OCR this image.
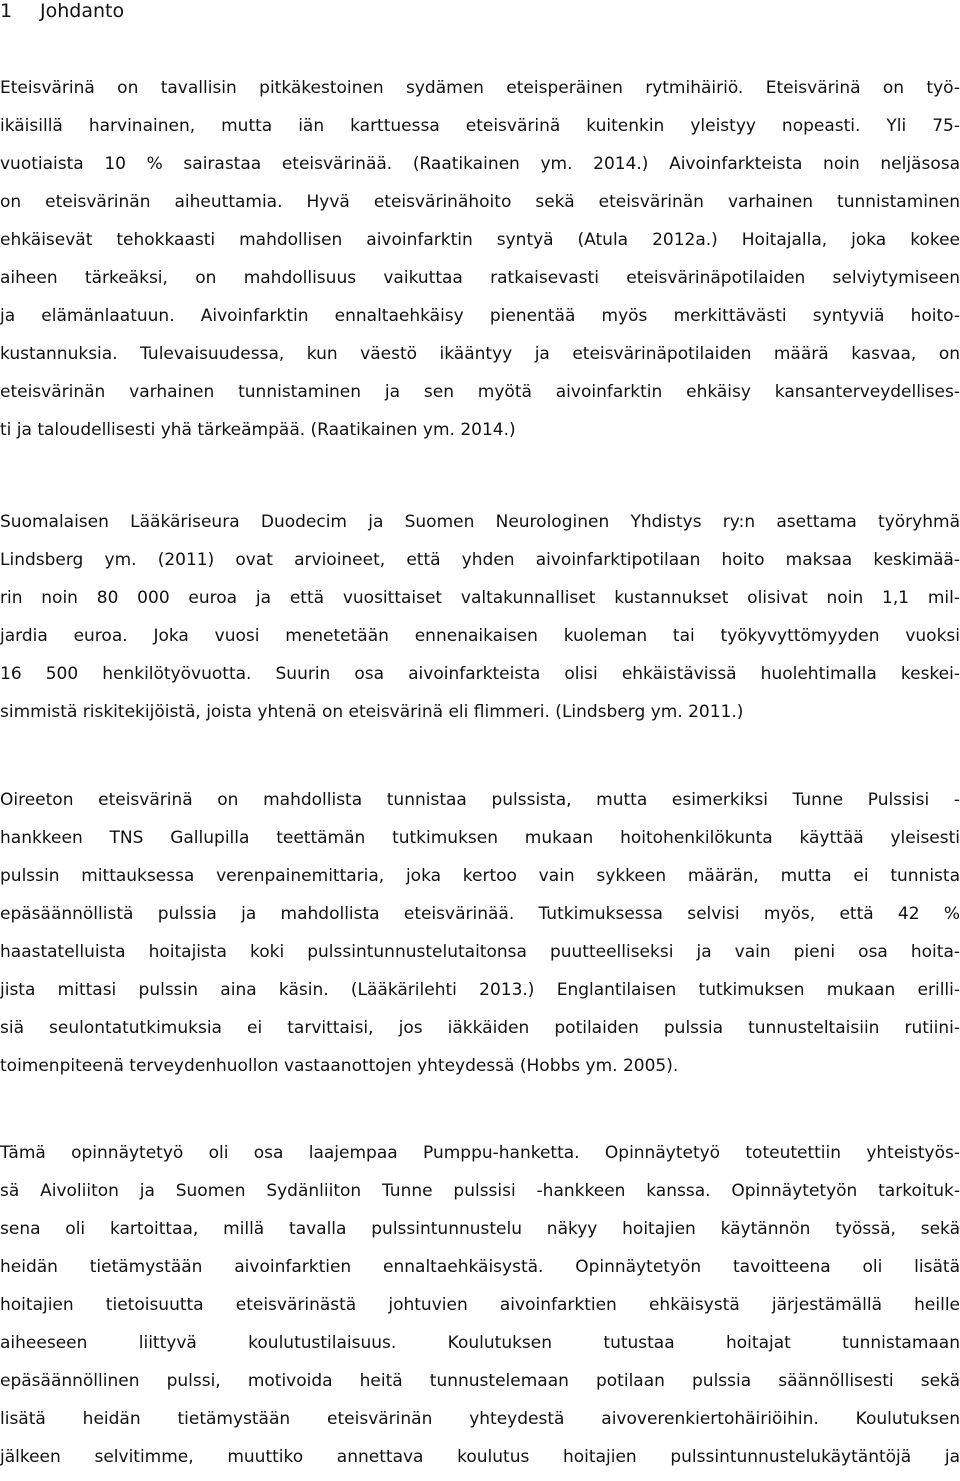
1 Johdanto
Eteisvärinä on tavallisin pitkäkestoinen sydämen eteisperäinen rytmihäiriö. Eteisvärinä on työ-
ikäisillä harvinainen, mutta iän karttuessa eteisvärinä kuitenkin yleistyy nopeasti. Yli 75-
vuotiaista 10 % sairastaa eteisvärinää. (Raatikainen ym. 2014.) Aivoinfarkteista noin neljäsosa
on eteisvärinän aiheuttamia. Hyvä eteisvärinähoito sekä eteisvärinän varhainen tunnistaminen
ehkäisevät tehokkaasti mahdollisen aivoinfarktin syntyä (Atula 2012a.) Hoitajalla, joka kokee
aiheen tärkeäksi, on mahdollisuus vaikuttaa ratkaisevasti eteisvärinäpotilaiden selviytymiseen
ja elämänlaatuun. Aivoinfarktin ennaltaehkäisy pienentää myös merkittävästi syntyviä hoito-
kustannuksia. Tulevaisuudessa, kun väestö ikääntyy ja eteisvärinäpotilaiden määrä kasvaa, on
eteisvärinän varhainen tunnistaminen ja sen myötä aivoinfarktin ehkäisy kansanterveydellises-
ti ja taloudellisesti yhä tärkeämpää. (Raatikainen ym. 2014.)
Suomalaisen Lääkäriseura Duodecim ja Suomen Neurologinen Yhdistys ry:n asettama työryhmä
Lindsberg ym. (2011) ovat arvioineet, että yhden aivoinfarktipotilaan hoito maksaa keskimää-
rin noin 80 000 euroa ja että vuosittaiset valtakunnalliset kustannukset olisivat noin 1,1 mil-
jardia euroa. Joka vuosi menetetään ennenaikaisen kuoleman tai työkyvyttömyyden vuoksi
16 500 henkilötyövuotta. Suurin osa aivoinfarkteista olisi ehkäistävissä huolehtimalla keskei-
simmistä riskitekijöistä, joista yhtenä on eteisvärinä eli flimmeri. (Lindsberg ym. 2011.)
Oireeton eteisvärinä on mahdollista tunnistaa pulssista, mutta esimerkiksi Tunne Pulssisi -
hankkeen TNS Gallupilla teettämän tutkimuksen mukaan hoitohenkilökunta käyttää yleisesti
pulssin mittauksessa verenpainemittaria, joka kertoo vain sykkeen määrän, mutta ei tunnista
epäsäännöllistä pulssia ja mahdollista eteisvärinää. Tutkimuksessa selvisi myös, että 42 %
haastatelluista hoitajista koki pulssintunnustelutaitonsa puutteelliseksi ja vain pieni osa hoita-
jista mittasi pulssin aina käsin. (Lääkärilehti 2013.) Englantilaisen tutkimuksen mukaan erilli-
siä seulontatutkimuksia ei tarvittaisi, jos iäkkäiden potilaiden pulssia tunnusteltaisiin rutiini-
toimenpiteenä terveydenhuollon vastaanottojen yhteydessä (Hobbs ym. 2005).
Tämä opinnäytetyö oli osa laajempaa Pumppu-hanketta. Opinnäytetyö toteutettiin yhteistyös-
sä Aivoliiton ja Suomen Sydänliiton Tunne pulssisi -hankkeen kanssa. Opinnäytetyön tarkoituk-
sena oli kartoittaa, millä tavalla pulssintunnustelu näkyy hoitajien käytännön työssä, sekä
heidän tietämystään aivoinfarktien ennaltaehkäisystä. Opinnäytetyön tavoitteena oli lisätä
hoitajien tietoisuutta eteisvärinästä johtuvien aivoinfarktien ehkäisystä järjestämällä heille
aiheeseen liittyvä koulutustilaisuus. Koulutuksen tutustaa hoitajat tunnistamaan
epäsäännöllinen pulssi, motivoida heitä tunnustelemaan potilaan pulssia säännöllisesti sekä
lisätä heidän tietämystään eteisvärinän yhteydestä aivoverenkiertohäiriöihin. Koulutuksen
jälkeen selvitimme, muuttiko annettava koulutus hoitajien pulssintunnustelukäytäntöjä ja
